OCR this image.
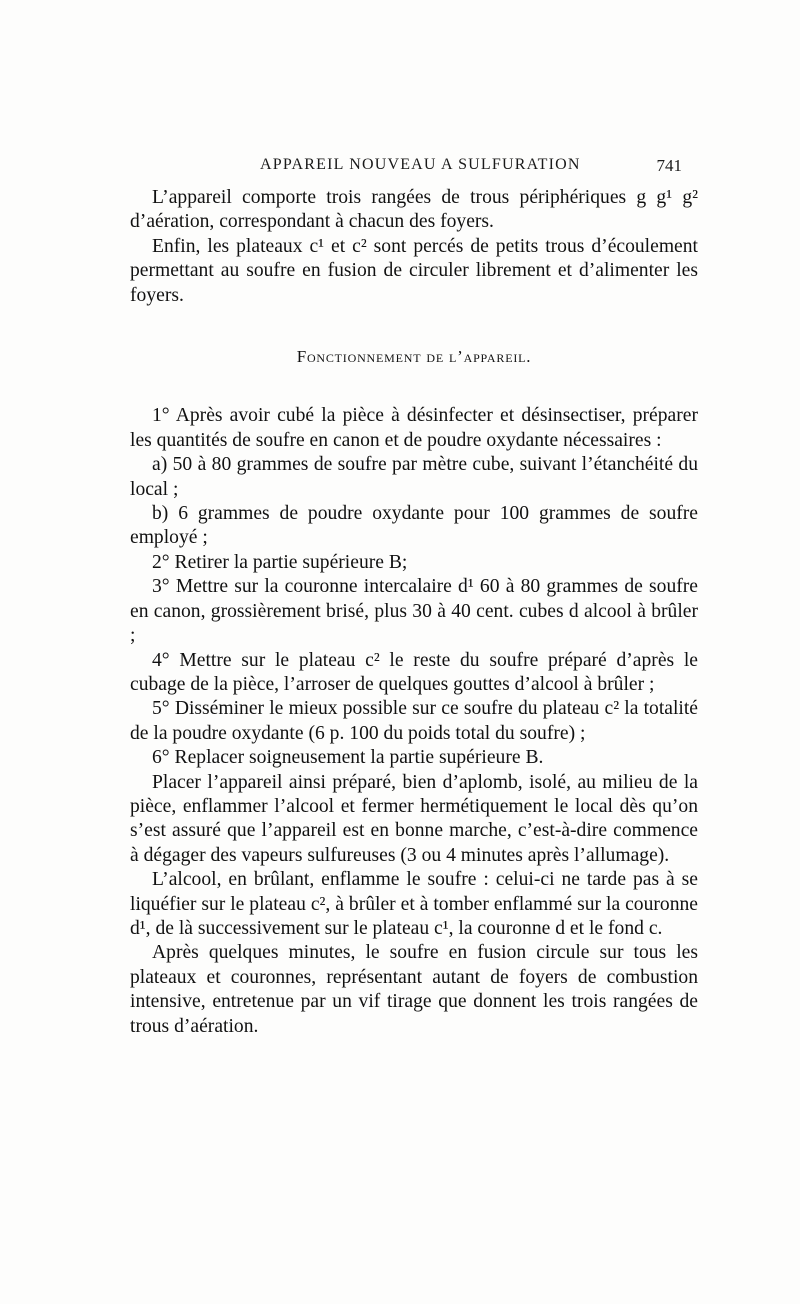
APPAREIL NOUVEAU A SULFURATION	741

L’appareil comporte trois rangées de trous périphériques g g¹ g² d’aération, correspondant à chacun des foyers.

Enfin, les plateaux c¹ et c² sont percés de petits trous d’écoulement permettant au soufre en fusion de circuler librement et d’alimenter les foyers.

Fonctionnement de l’appareil.

1° Après avoir cubé la pièce à désinfecter et désinsectiser, préparer les quantités de soufre en canon et de poudre oxydante nécessaires :

a) 50 à 80 grammes de soufre par mètre cube, suivant l’étanchéité du local ;

b) 6 grammes de poudre oxydante pour 100 grammes de soufre employé ;

2° Retirer la partie supérieure B;

3° Mettre sur la couronne intercalaire d¹ 60 à 80 grammes de soufre en canon, grossièrement brisé, plus 30 à 40 cent. cubes d alcool à brûler ;

4° Mettre sur le plateau c² le reste du soufre préparé d’après le cubage de la pièce, l’arroser de quelques gouttes d’alcool à brûler ;

5° Disséminer le mieux possible sur ce soufre du plateau c² la totalité de la poudre oxydante (6 p. 100 du poids total du soufre) ;

6° Replacer soigneusement la partie supérieure B.

Placer l’appareil ainsi préparé, bien d’aplomb, isolé, au milieu de la pièce, enflammer l’alcool et fermer hermétiquement le local dès qu’on s’est assuré que l’appareil est en bonne marche, c’est-à-dire commence à dégager des vapeurs sulfureuses (3 ou 4 minutes après l’allumage).

L’alcool, en brûlant, enflamme le soufre : celui-ci ne tarde pas à se liquéfier sur le plateau c², à brûler et à tomber enflammé sur la couronne d¹, de là successivement sur le plateau c¹, la couronne d et le fond c.

Après quelques minutes, le soufre en fusion circule sur tous les plateaux et couronnes, représentant autant de foyers de combustion intensive, entretenue par un vif tirage que donnent les trois rangées de trous d’aération.
